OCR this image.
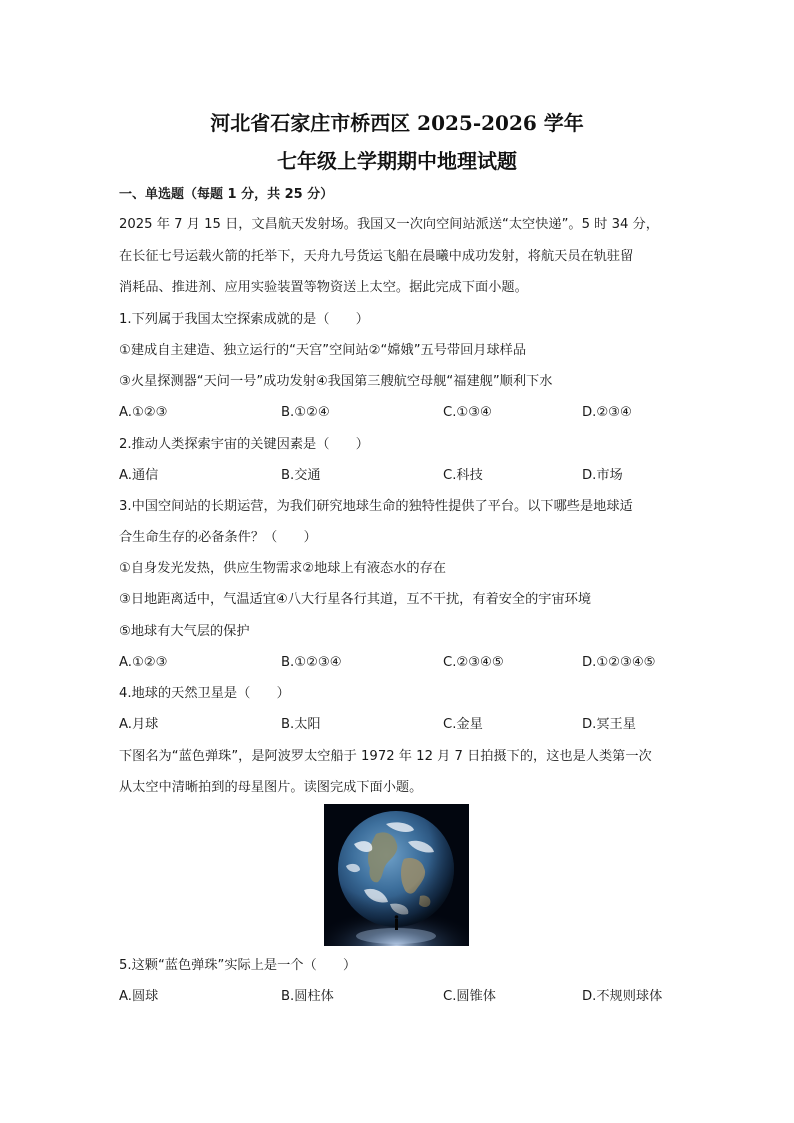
河北省石家庄市桥西区 2025-2026 学年
七年级上学期期中地理试题
一、单选题（每题 1 分，共 25 分）
2025 年 7 月 15 日，文昌航天发射场。我国又一次向空间站派送“太空快递”。5 时 34 分，
在长征七号运载火箭的托举下，天舟九号货运飞船在晨曦中成功发射，将航天员在轨驻留
消耗品、推进剂、应用实验装置等物资送上太空。据此完成下面小题。
1.下列属于我国太空探索成就的是（　　）
①建成自主建造、独立运行的“天宫”空间站②“嫦娥”五号带回月球样品
③火星探测器“天问一号”成功发射④我国第三艘航空母舰“福建舰”顺利下水
A.①②③	B.①②④	C.①③④	D.②③④
2.推动人类探索宇宙的关键因素是（　　）
A.通信	B.交通	C.科技	D.市场
3.中国空间站的长期运营，为我们研究地球生命的独特性提供了平台。以下哪些是地球适
合生命生存的必备条件？（　　）
①自身发光发热，供应生物需求②地球上有液态水的存在
③日地距离适中，气温适宜④八大行星各行其道，互不干扰，有着安全的宇宙环境
⑤地球有大气层的保护
A.①②③	B.①②③④	C.②③④⑤	D.①②③④⑤
4.地球的天然卫星是（　　）
A.月球	B.太阳	C.金星	D.冥王星
下图名为“蓝色弹珠”，是阿波罗太空船于 1972 年 12 月 7 日拍摄下的，这也是人类第一次
从太空中清晰拍到的母星图片。读图完成下面小题。
5.这颗“蓝色弹珠”实际上是一个（　　）
A.圆球	B.圆柱体	C.圆锥体	D.不规则球体
